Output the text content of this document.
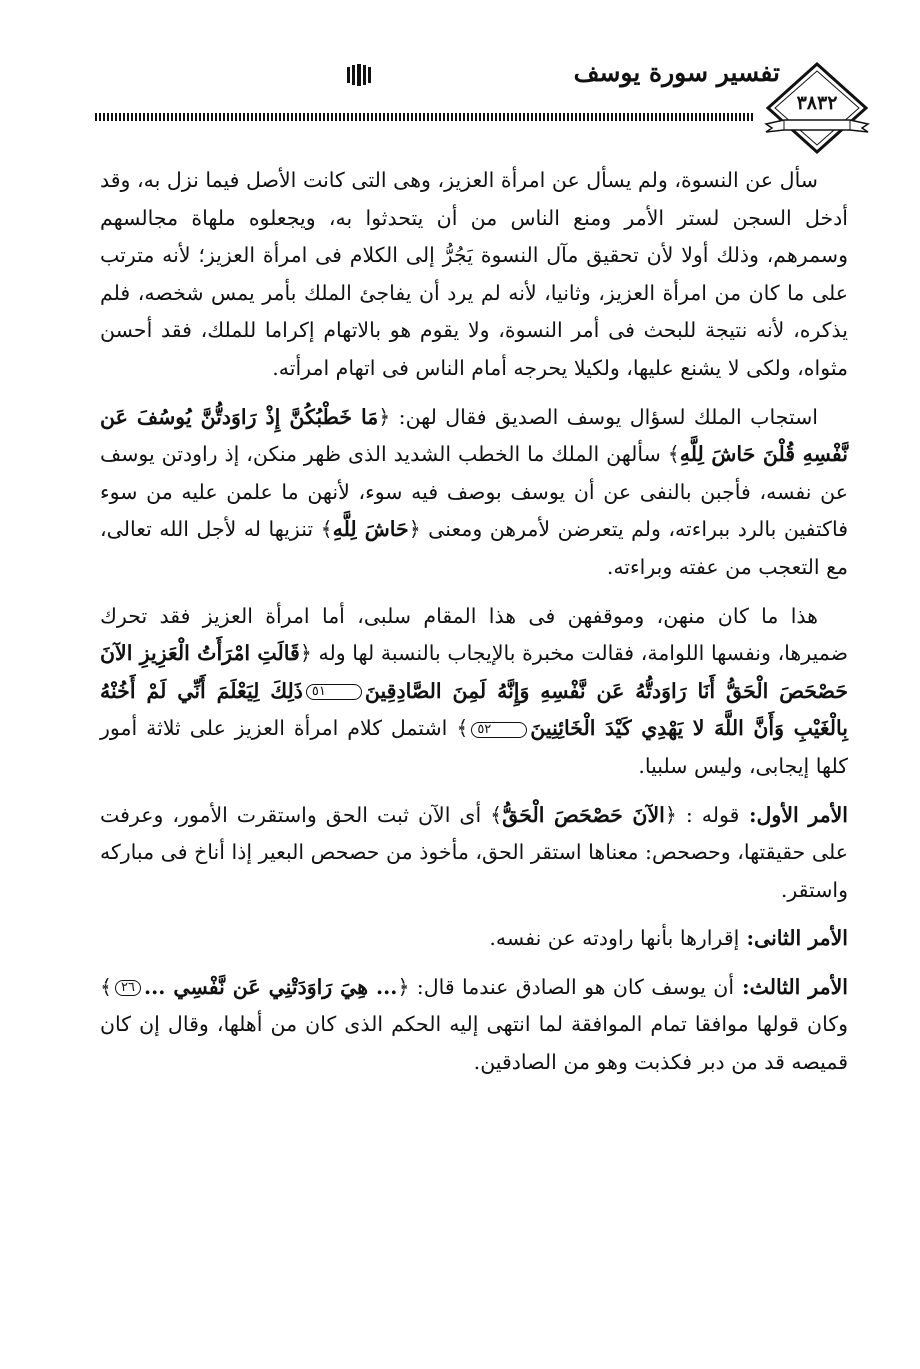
تفسير سورة يوسف
٣٨٣٢

سأل عن النسوة، ولم يسأل عن امرأة العزيز، وهى التى كانت الأصل فيما نزل به، وقد أدخل السجن لستر الأمر ومنع الناس من أن يتحدثوا به، ويجعلوه ملهاة مجالسهم وسمرهم، وذلك أولا لأن تحقيق مآل النسوة يَجُرُّ إلى الكلام فى امرأة العزيز؛ لأنه مترتب على ما كان من امرأة العزيز، وثانيا، لأنه لم يرد أن يفاجئ الملك بأمر يمس شخصه، فلم يذكره، لأنه نتيجة للبحث فى أمر النسوة، ولا يقوم هو بالاتهام إكراما للملك، فقد أحسن مثواه، ولكى لا يشنع عليها، ولكيلا يحرجه أمام الناس فى اتهام امرأته.

استجاب الملك لسؤال يوسف الصديق فقال لهن: ﴿مَا خَطْبُكُنَّ إِذْ رَاوَدتُّنَّ يُوسُفَ عَن نَّفْسِهِ قُلْنَ حَاشَ لِلَّهِ﴾ سألهن الملك ما الخطب الشديد الذى ظهر منكن، إذ راودتن يوسف عن نفسه، فأجبن بالنفى عن أن يوسف بوصف فيه سوء، لأنهن ما علمن عليه من سوء فاكتفين بالرد ببراءته، ولم يتعرضن لأمرهن ومعنى ﴿حَاشَ لِلَّهِ﴾ تنزيها له لأجل الله تعالى، مع التعجب من عفته وبراءته.

هذا ما كان منهن، وموقفهن فى هذا المقام سلبى، أما امرأة العزيز فقد تحرك ضميرها، ونفسها اللوامة، فقالت مخبرة بالإيجاب بالنسبة لها وله ﴿قَالَتِ امْرَأَتُ الْعَزِيزِ الآنَ حَصْحَصَ الْحَقُّ أَنَا رَاوَدتُّهُ عَن نَّفْسِهِ وَإِنَّهُ لَمِنَ الصَّادِقِينَ٥١ذَلِكَ لِيَعْلَمَ أَنِّي لَمْ أَخُنْهُ بِالْغَيْبِ وَأَنَّ اللَّهَ لا يَهْدِي كَيْدَ الْخَائِنِينَ٥٢﴾ اشتمل كلام امرأة العزيز على ثلاثة أمور كلها إيجابى، وليس سلبيا.

الأمر الأول: قوله : ﴿الآنَ حَصْحَصَ الْحَقُّ﴾ أى الآن ثبت الحق واستقرت الأمور، وعرفت على حقيقتها، وحصحص: معناها استقر الحق، مأخوذ من حصحص البعير إذا أناخ فى مباركه واستقر.

الأمر الثانى: إقرارها بأنها راودته عن نفسه.

الأمر الثالث: أن يوسف كان هو الصادق عندما قال: ﴿... هِيَ رَاوَدَتْنِي عَن نَّفْسِي ...٢٦﴾ وكان قولها موافقا تمام الموافقة لما انتهى إليه الحكم الذى كان من أهلها، وقال إن كان قميصه قد من دبر فكذبت وهو من الصادقين.
